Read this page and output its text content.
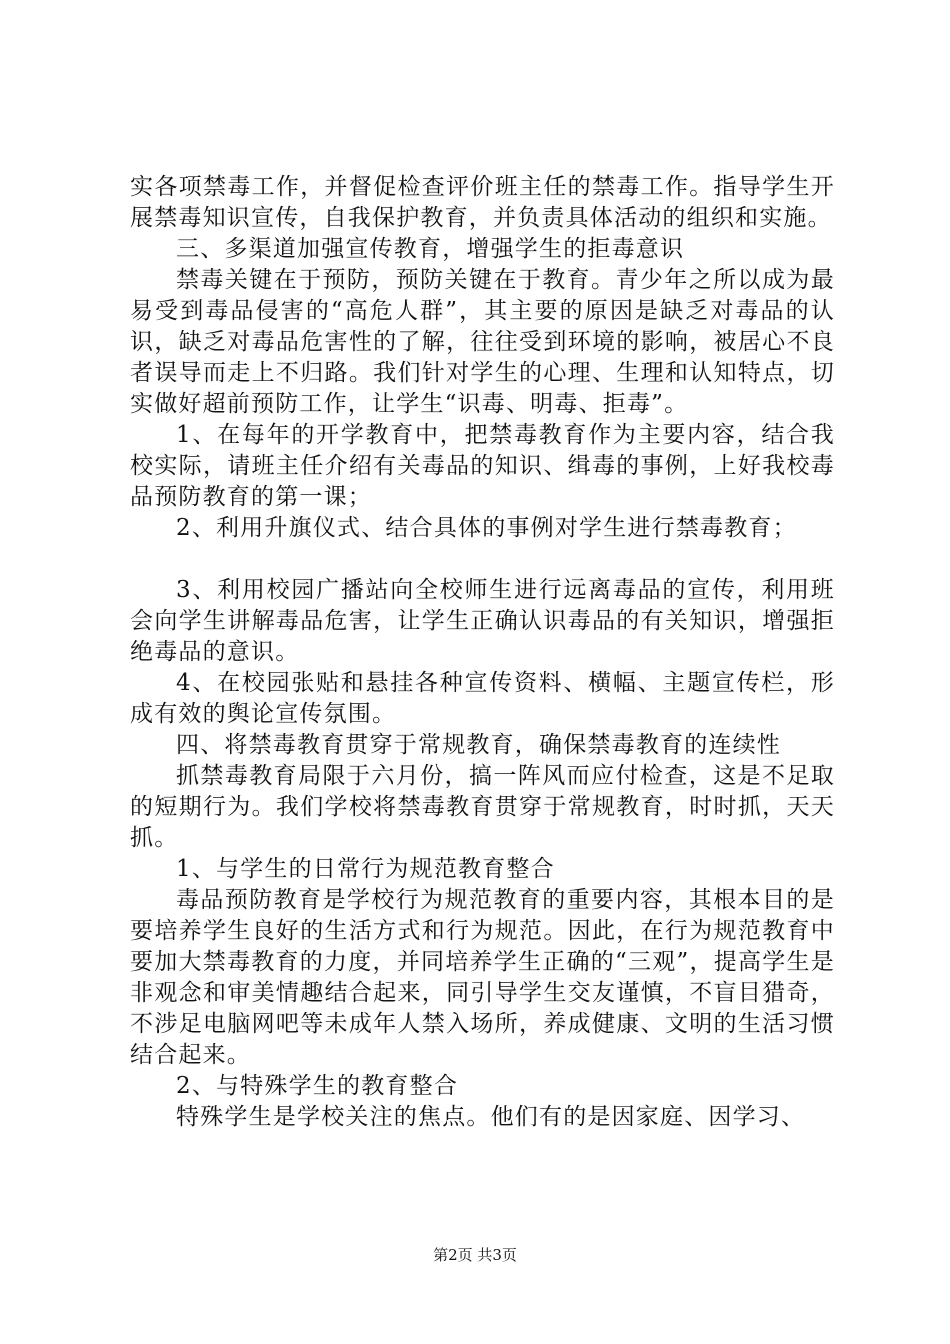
实各项禁毒工作，并督促检查评价班主任的禁毒工作。指导学生开展禁毒知识宣传，自我保护教育，并负责具体活动的组织和实施。

三、多渠道加强宣传教育，增强学生的拒毒意识

禁毒关键在于预防，预防关键在于教育。青少年之所以成为最易受到毒品侵害的“高危人群”，其主要的原因是缺乏对毒品的认识，缺乏对毒品危害性的了解，往往受到环境的影响，被居心不良者误导而走上不归路。我们针对学生的心理、生理和认知特点，切实做好超前预防工作，让学生“识毒、明毒、拒毒”。

1、在每年的开学教育中，把禁毒教育作为主要内容，结合我校实际，请班主任介绍有关毒品的知识、缉毒的事例，上好我校毒品预防教育的第一课；

2、利用升旗仪式、结合具体的事例对学生进行禁毒教育；

3、利用校园广播站向全校师生进行远离毒品的宣传，利用班会向学生讲解毒品危害，让学生正确认识毒品的有关知识，增强拒绝毒品的意识。

4、在校园张贴和悬挂各种宣传资料、横幅、主题宣传栏，形成有效的舆论宣传氛围。

四、将禁毒教育贯穿于常规教育，确保禁毒教育的连续性

抓禁毒教育局限于六月份，搞一阵风而应付检查，这是不足取的短期行为。我们学校将禁毒教育贯穿于常规教育，时时抓，天天抓。

1、与学生的日常行为规范教育整合

毒品预防教育是学校行为规范教育的重要内容，其根本目的是要培养学生良好的生活方式和行为规范。因此，在行为规范教育中要加大禁毒教育的力度，并同培养学生正确的“三观”，提高学生是非观念和审美情趣结合起来，同引导学生交友谨慎，不盲目猎奇，不涉足电脑网吧等未成年人禁入场所，养成健康、文明的生活习惯结合起来。

2、与特殊学生的教育整合

特殊学生是学校关注的焦点。他们有的是因家庭、因学习、

第2页 共3页
